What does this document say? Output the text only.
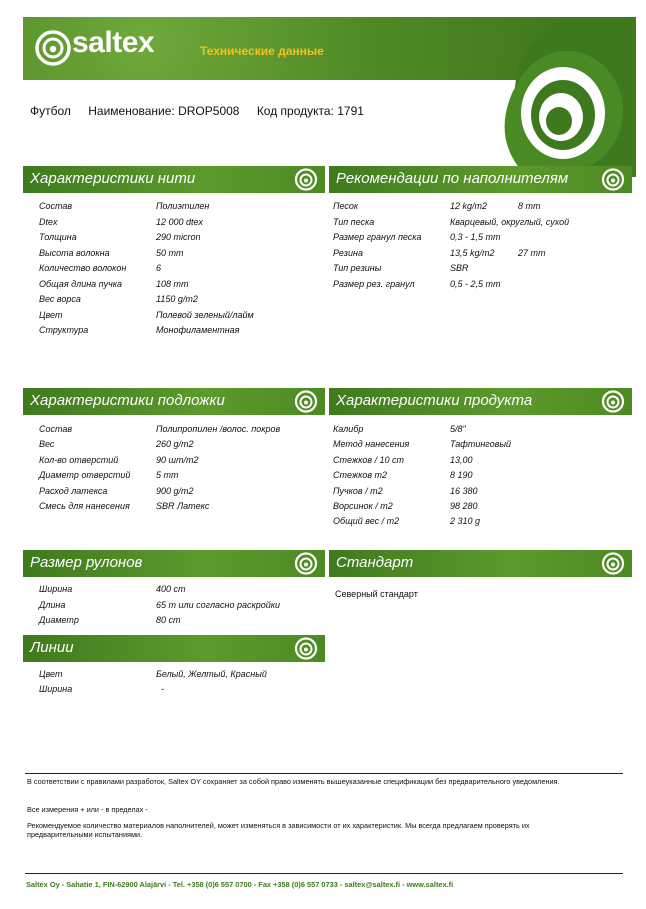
saltex	Технические данные
Футбол Наименование: DROP5008 Код продукта: 1791
Характеристики нити
Состав	Полиэтилен
Dtex	12 000 dtex
Толщина	290 micron
Высота волокна	50 mm
Количество волокон	6
Общая длина пучка	108 mm
Вес ворса	1150 g/m2
Цвет	Полевой зеленый/лайм
Структура	Монофиламентная
Рекомендации по наполнителям
Песок	12 kg/m2	8 mm
Тип песка	Кварцевый, округлый, сухой
Размер гранул песка	0,3 - 1,5 mm
Резина	13,5 kg/m2	27 mm
Тип резины	SBR
Размер рез. гранул	0,5 - 2,5 mm
Характеристики подложки
Состав	Полипропилен /волос. покров
Вес	260 g/m2
Кол-во отверстий	90 шт/m2
Диаметр отверстий	5 mm
Расход латекса	900 g/m2
Смесь для нанесения	SBR Латекс
Характеристики продукта
Калибр	5/8"
Метод нанесения	Тафтинговый
Стежков / 10 cm	13,00
Стежков m2	8 190
Пучков / m2	16 380
Ворсинок / m2	98 280
Общий вес / m2	2 310 g
Размер рулонов
Ширина	400 cm
Длина	65 m или согласно раскройки
Диаметр	80 cm
Стандарт
Северный стандарт
Линии
Цвет	Белый, Желтый, Красный
Ширина	-
В соответствии с правилами разработок, Saltex OY сохраняет за собой право изменять вышеуказанные спецификации без предварительного уведомления.
Все измерения + или - в пределах -
Рекомендуемое количество материалов наполнителей, может изменяться в зависимости от их характеристик. Мы всегда предлагаем проверять их предварительными испытаниями.
Saltex Oy - Sahatie 1, FIN-62900 Alajärvi - Tel. +358 (0)6 557 0700 - Fax +358 (0)6 557 0733 - saltex@saltex.fi - www.saltex.fi
